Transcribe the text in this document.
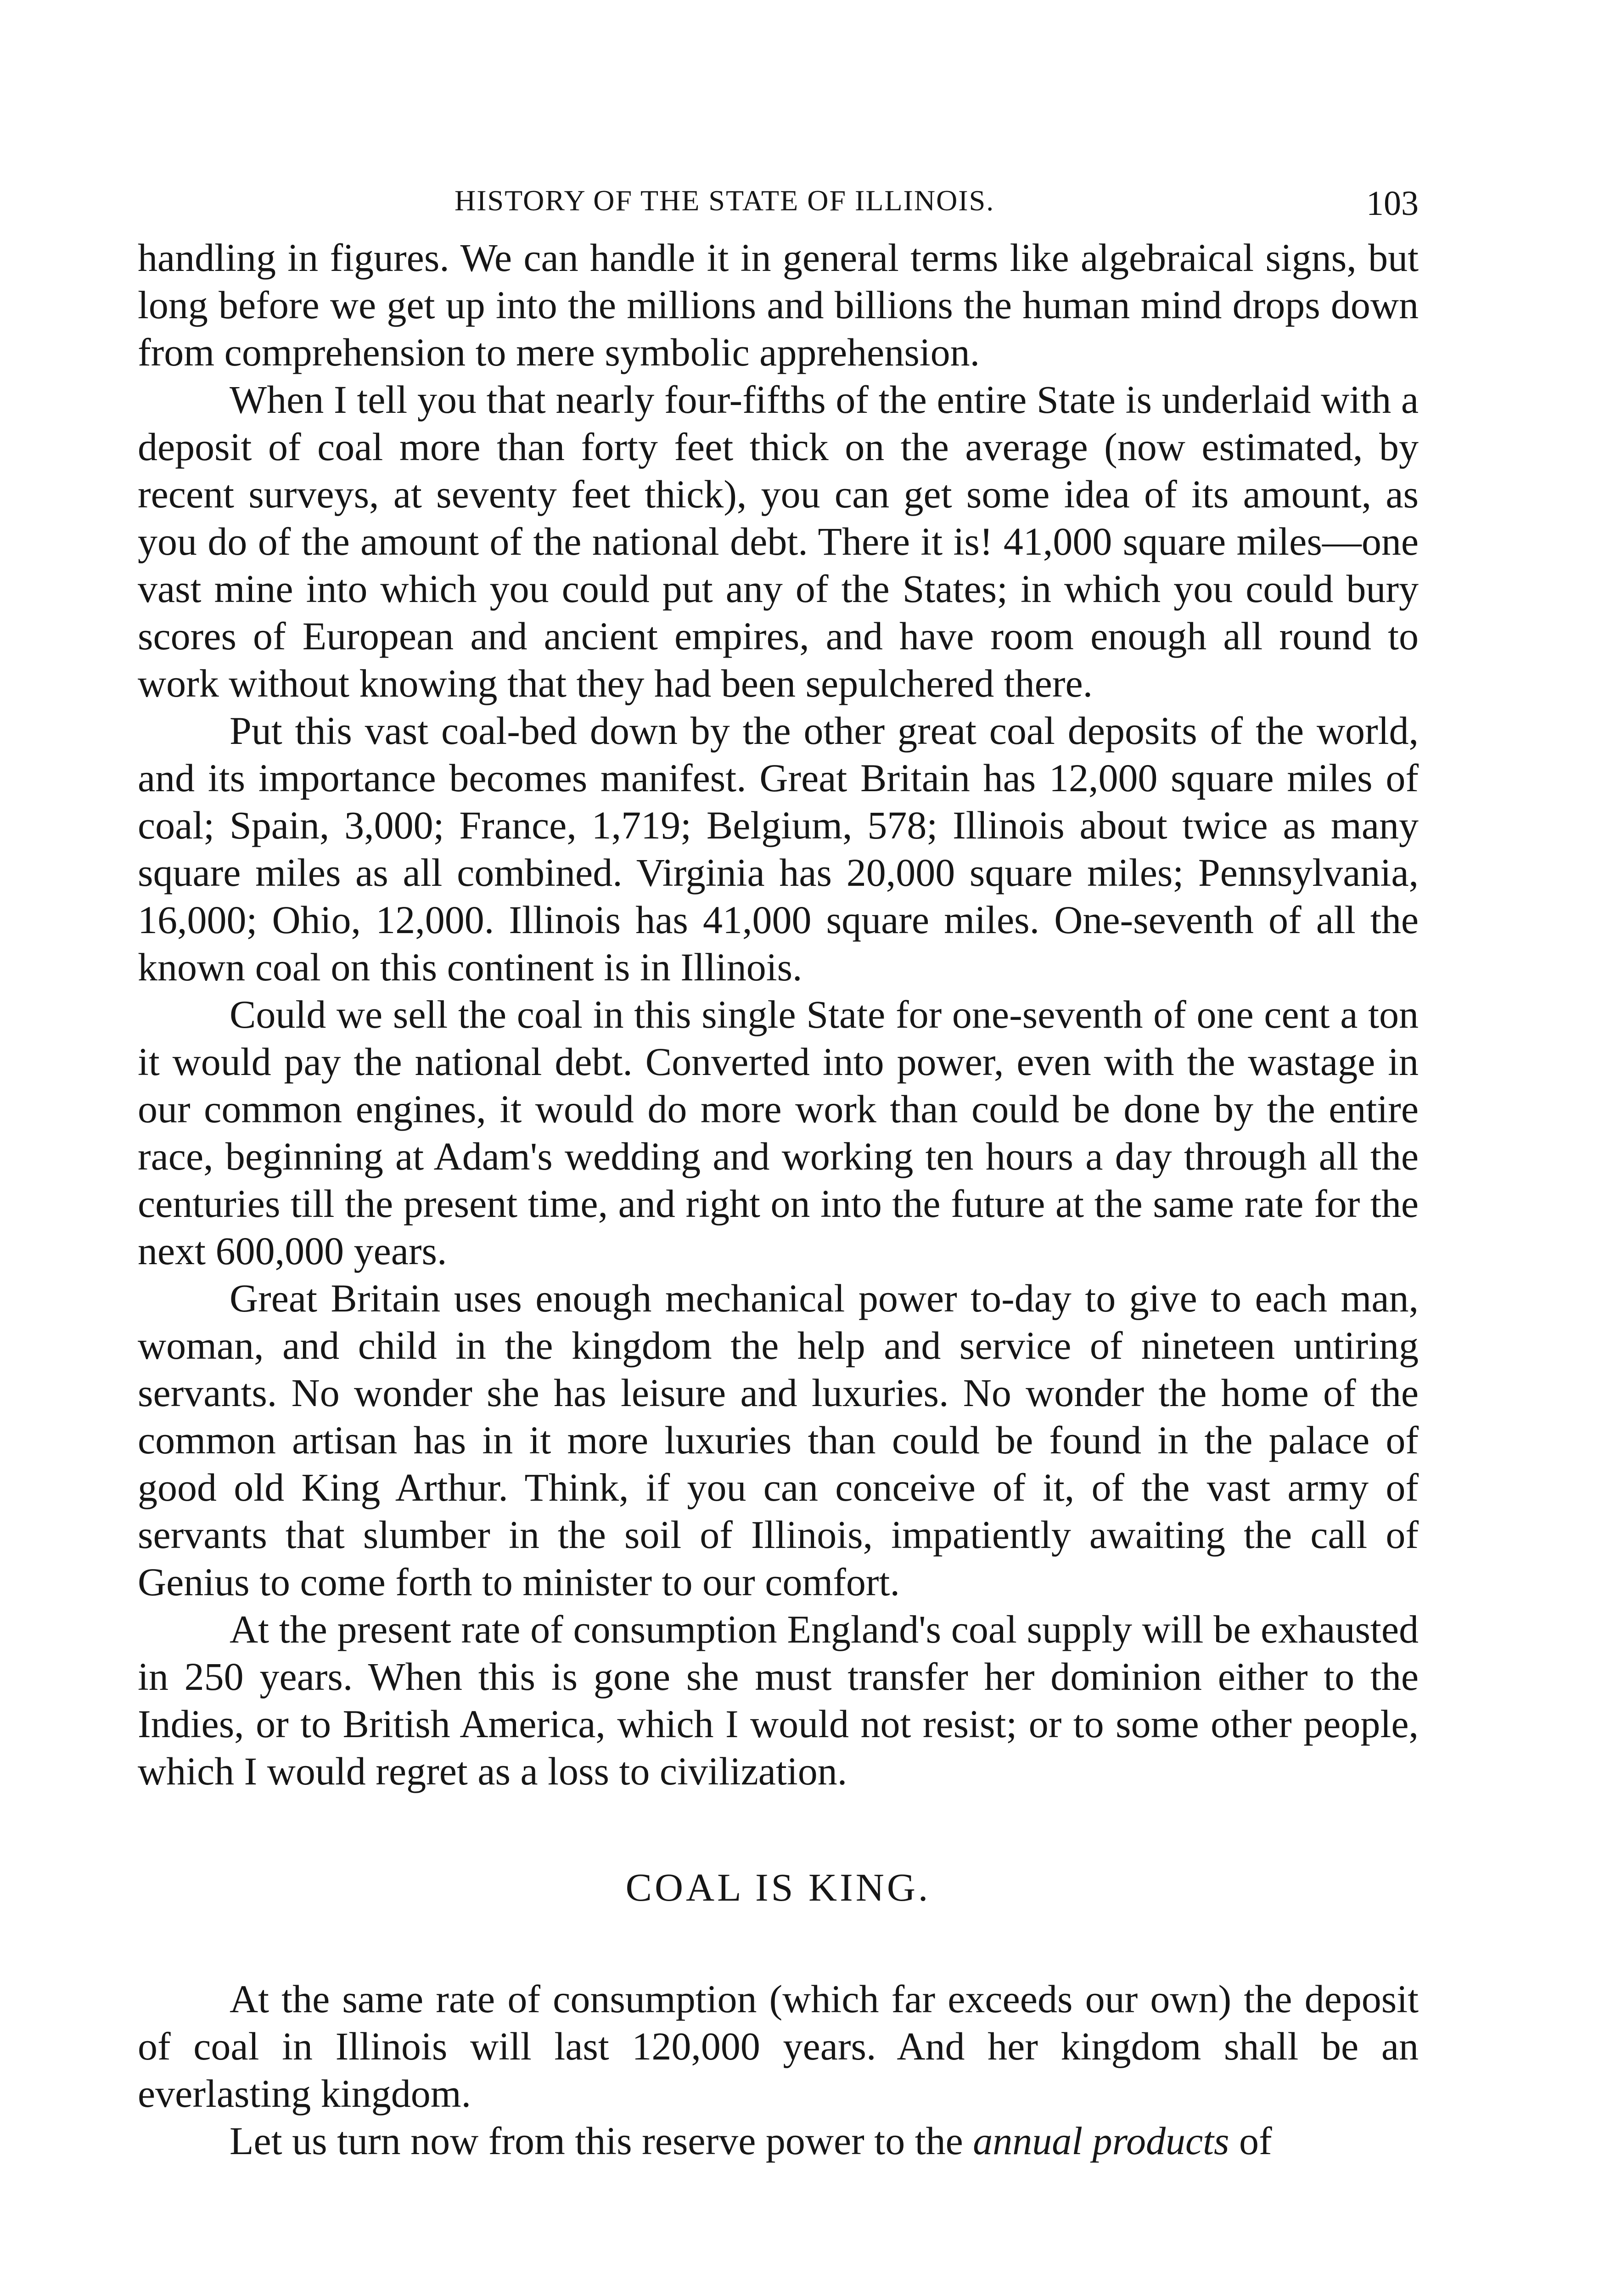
HISTORY OF THE STATE OF ILLINOIS.	103

handling in figures. We can handle it in general terms like algebraical signs, but long before we get up into the millions and billions the human mind drops down from comprehension to mere symbolic apprehension.

When I tell you that nearly four-fifths of the entire State is underlaid with a deposit of coal more than forty feet thick on the average (now estimated, by recent surveys, at seventy feet thick), you can get some idea of its amount, as you do of the amount of the national debt. There it is! 41,000 square miles—one vast mine into which you could put any of the States; in which you could bury scores of European and ancient empires, and have room enough all round to work without knowing that they had been sepulchered there.

Put this vast coal-bed down by the other great coal deposits of the world, and its importance becomes manifest. Great Britain has 12,000 square miles of coal; Spain, 3,000; France, 1,719; Belgium, 578; Illinois about twice as many square miles as all combined. Virginia has 20,000 square miles; Pennsylvania, 16,000; Ohio, 12,000. Illinois has 41,000 square miles. One-seventh of all the known coal on this continent is in Illinois.

Could we sell the coal in this single State for one-seventh of one cent a ton it would pay the national debt. Converted into power, even with the wastage in our common engines, it would do more work than could be done by the entire race, beginning at Adam's wedding and working ten hours a day through all the centuries till the present time, and right on into the future at the same rate for the next 600,000 years.

Great Britain uses enough mechanical power to-day to give to each man, woman, and child in the kingdom the help and service of nineteen untiring servants. No wonder she has leisure and luxuries. No wonder the home of the common artisan has in it more luxuries than could be found in the palace of good old King Arthur. Think, if you can conceive of it, of the vast army of servants that slumber in the soil of Illinois, impatiently awaiting the call of Genius to come forth to minister to our comfort.

At the present rate of consumption England's coal supply will be exhausted in 250 years. When this is gone she must transfer her dominion either to the Indies, or to British America, which I would not resist; or to some other people, which I would regret as a loss to civilization.

COAL IS KING.

At the same rate of consumption (which far exceeds our own) the deposit of coal in Illinois will last 120,000 years. And her kingdom shall be an everlasting kingdom.

Let us turn now from this reserve power to the annual products of
